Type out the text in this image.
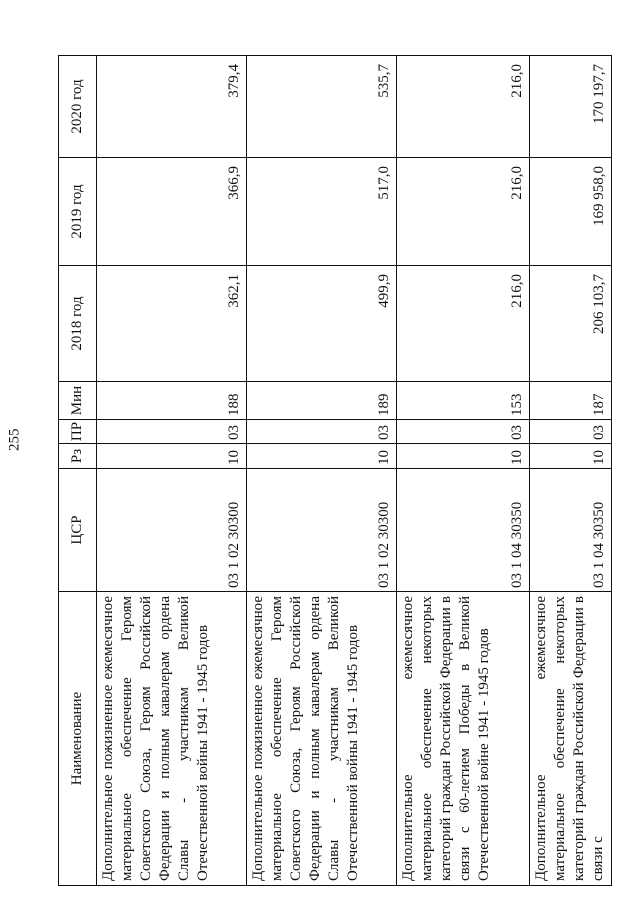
255
Наименование	ЦСР	Рз	ПР	Мин	2018 год	2019 год	2020 год
Дополнительное пожизненное ежемесячное материальное обеспечение Героям Советского Союза, Героям Российской Федерации и полным кавалерам ордена Славы - участникам Великой Отечественной войны 1941 - 1945 годов	03 1 02 30300	10	03	188	362,1	366,9	379,4
Дополнительное пожизненное ежемесячное материальное обеспечение Героям Советского Союза, Героям Российской Федерации и полным кавалерам ордена Славы - участникам Великой Отечественной войны 1941 - 1945 годов	03 1 02 30300	10	03	189	499,9	517,0	535,7
Дополнительное ежемесячное материальное обеспечение некоторых категорий граждан Российской Федерации в связи с 60-летием Победы в Великой Отечественной войне 1941 - 1945 годов	03 1 04 30350	10	03	153	216,0	216,0	216,0
Дополнительное ежемесячное материальное обеспечение некоторых категорий граждан Российской Федерации в связи с	03 1 04 30350	10	03	187	206 103,7	169 958,0	170 197,7
